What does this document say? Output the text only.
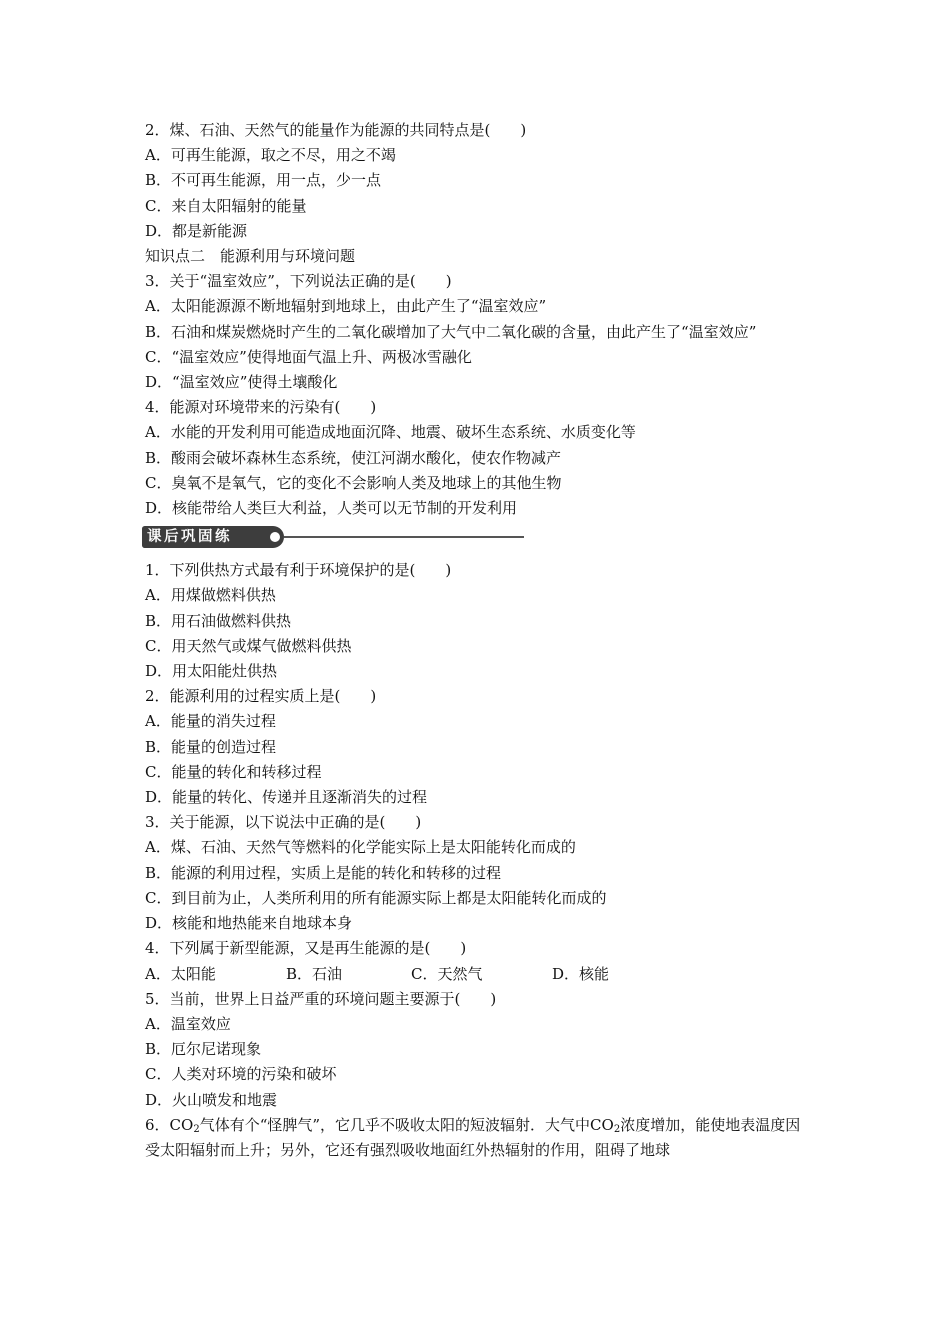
2．煤、石油、天然气的能量作为能源的共同特点是(　　)
A．可再生能源，取之不尽，用之不竭
B．不可再生能源，用一点，少一点
C．来自太阳辐射的能量
D．都是新能源
知识点二　能源利用与环境问题
3．关于“温室效应”，下列说法正确的是(　　)
A．太阳能源源不断地辐射到地球上，由此产生了“温室效应”
B．石油和煤炭燃烧时产生的二氧化碳增加了大气中二氧化碳的含量，由此产生了“温室效应”
C．“温室效应”使得地面气温上升、两极冰雪融化
D．“温室效应”使得土壤酸化
4．能源对环境带来的污染有(　　)
A．水能的开发利用可能造成地面沉降、地震、破坏生态系统、水质变化等
B．酸雨会破坏森林生态系统，使江河湖水酸化，使农作物减产
C．臭氧不是氧气，它的变化不会影响人类及地球上的其他生物
D．核能带给人类巨大利益，人类可以无节制的开发利用
课后巩固练
1．下列供热方式最有利于环境保护的是(　　)
A．用煤做燃料供热
B．用石油做燃料供热
C．用天然气或煤气做燃料供热
D．用太阳能灶供热
2．能源利用的过程实质上是(　　)
A．能量的消失过程
B．能量的创造过程
C．能量的转化和转移过程
D．能量的转化、传递并且逐渐消失的过程
3．关于能源，以下说法中正确的是(　　)
A．煤、石油、天然气等燃料的化学能实际上是太阳能转化而成的
B．能源的利用过程，实质上是能的转化和转移的过程
C．到目前为止，人类所利用的所有能源实际上都是太阳能转化而成的
D．核能和地热能来自地球本身
4．下列属于新型能源，又是再生能源的是(　　)
A．太阳能	B．石油	C．天然气	D．核能
5．当前，世界上日益严重的环境问题主要源于(　　)
A．温室效应
B．厄尔尼诺现象
C．人类对环境的污染和破坏
D．火山喷发和地震
6．$CO_2$气体有个“怪脾气”，它几乎不吸收太阳的短波辐射．大气中$CO_2$浓度增加，能使地表温度因受太阳辐射而上升；另外，它还有强烈吸收地面红外热辐射的作用，阻碍了地球
